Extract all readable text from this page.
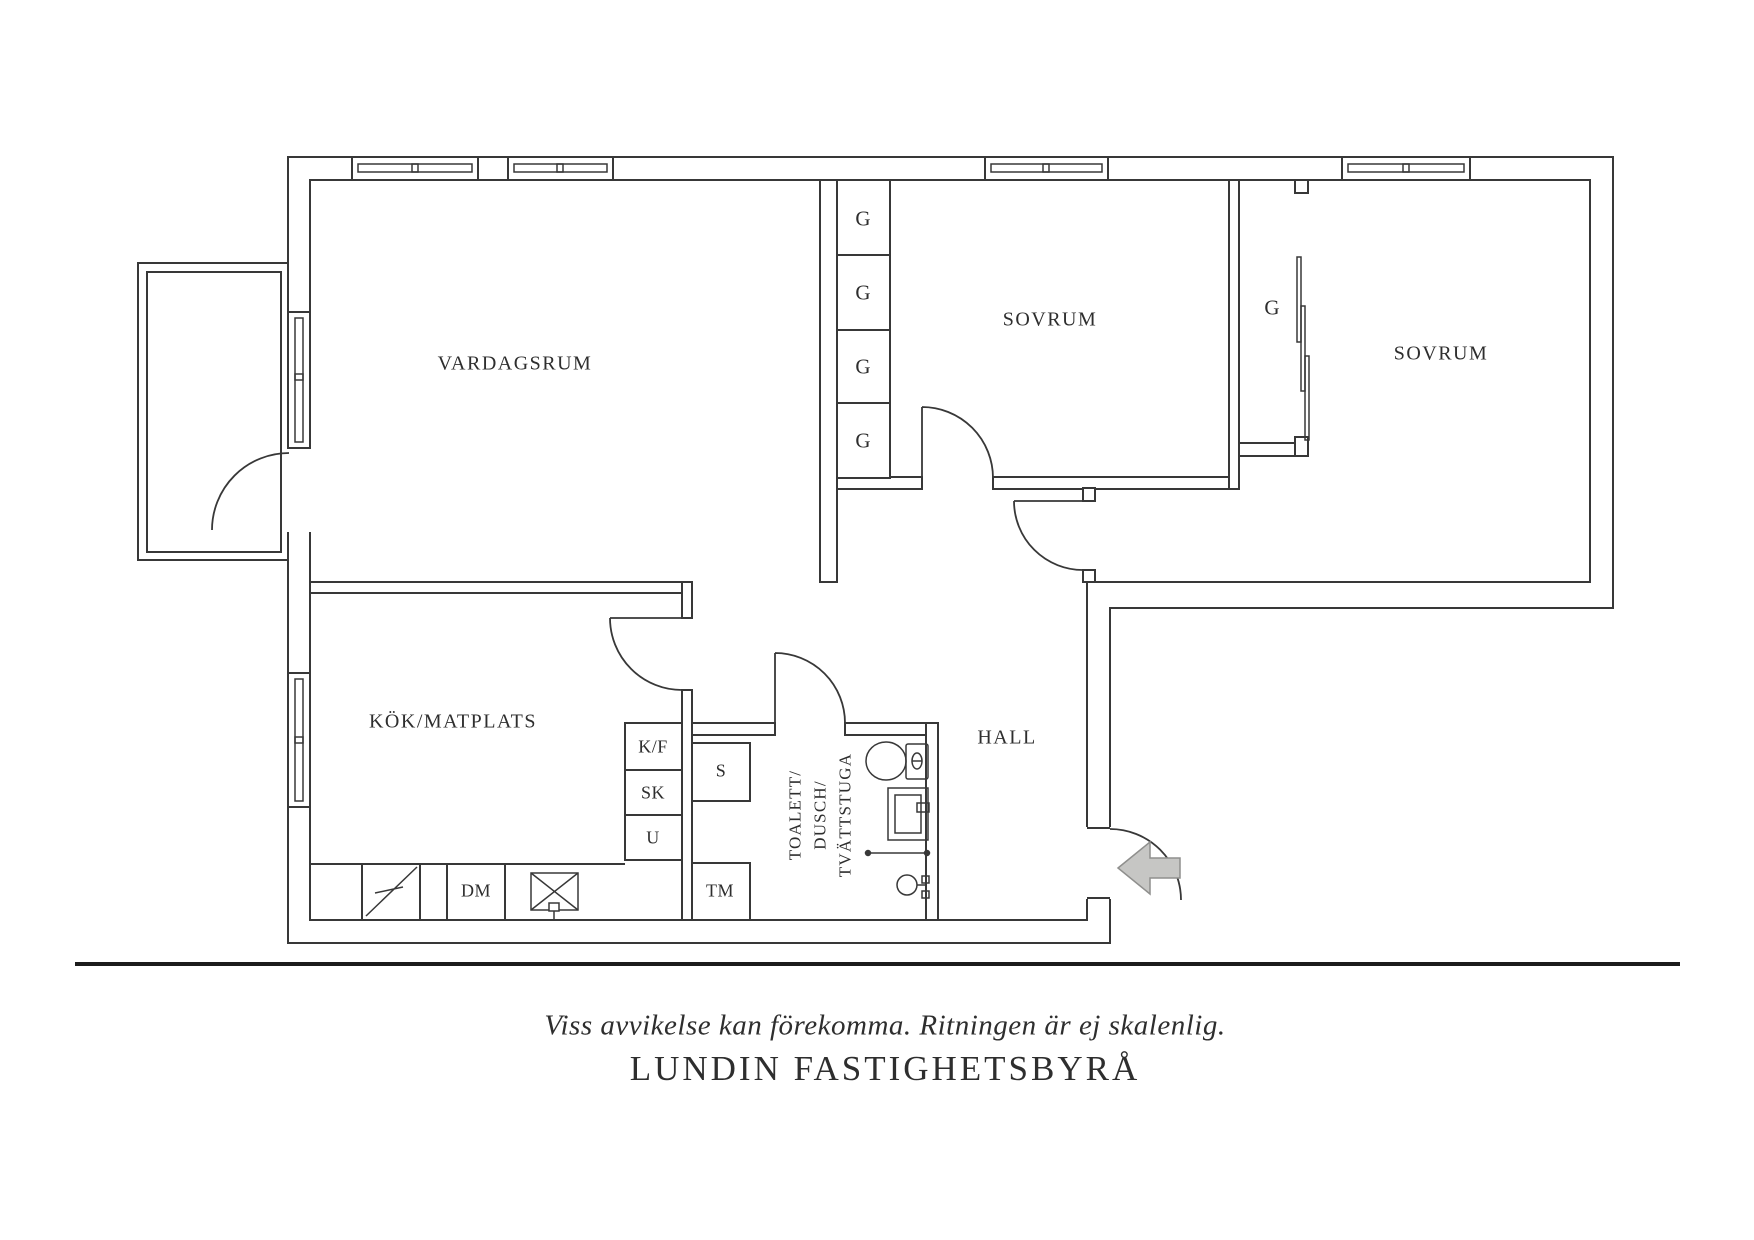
VARDAGSRUM
SOVRUM
SOVRUM
KÖK/MATPLATS
HALL
TOALETT/ DUSCH/ TVÄTTSTUGA
G
G
G
G
G
K/F
SK
U
S
TM
DM
Viss avvikelse kan förekomma. Ritningen är ej skalenlig.
LUNDIN FASTIGHETSBYRÅ
